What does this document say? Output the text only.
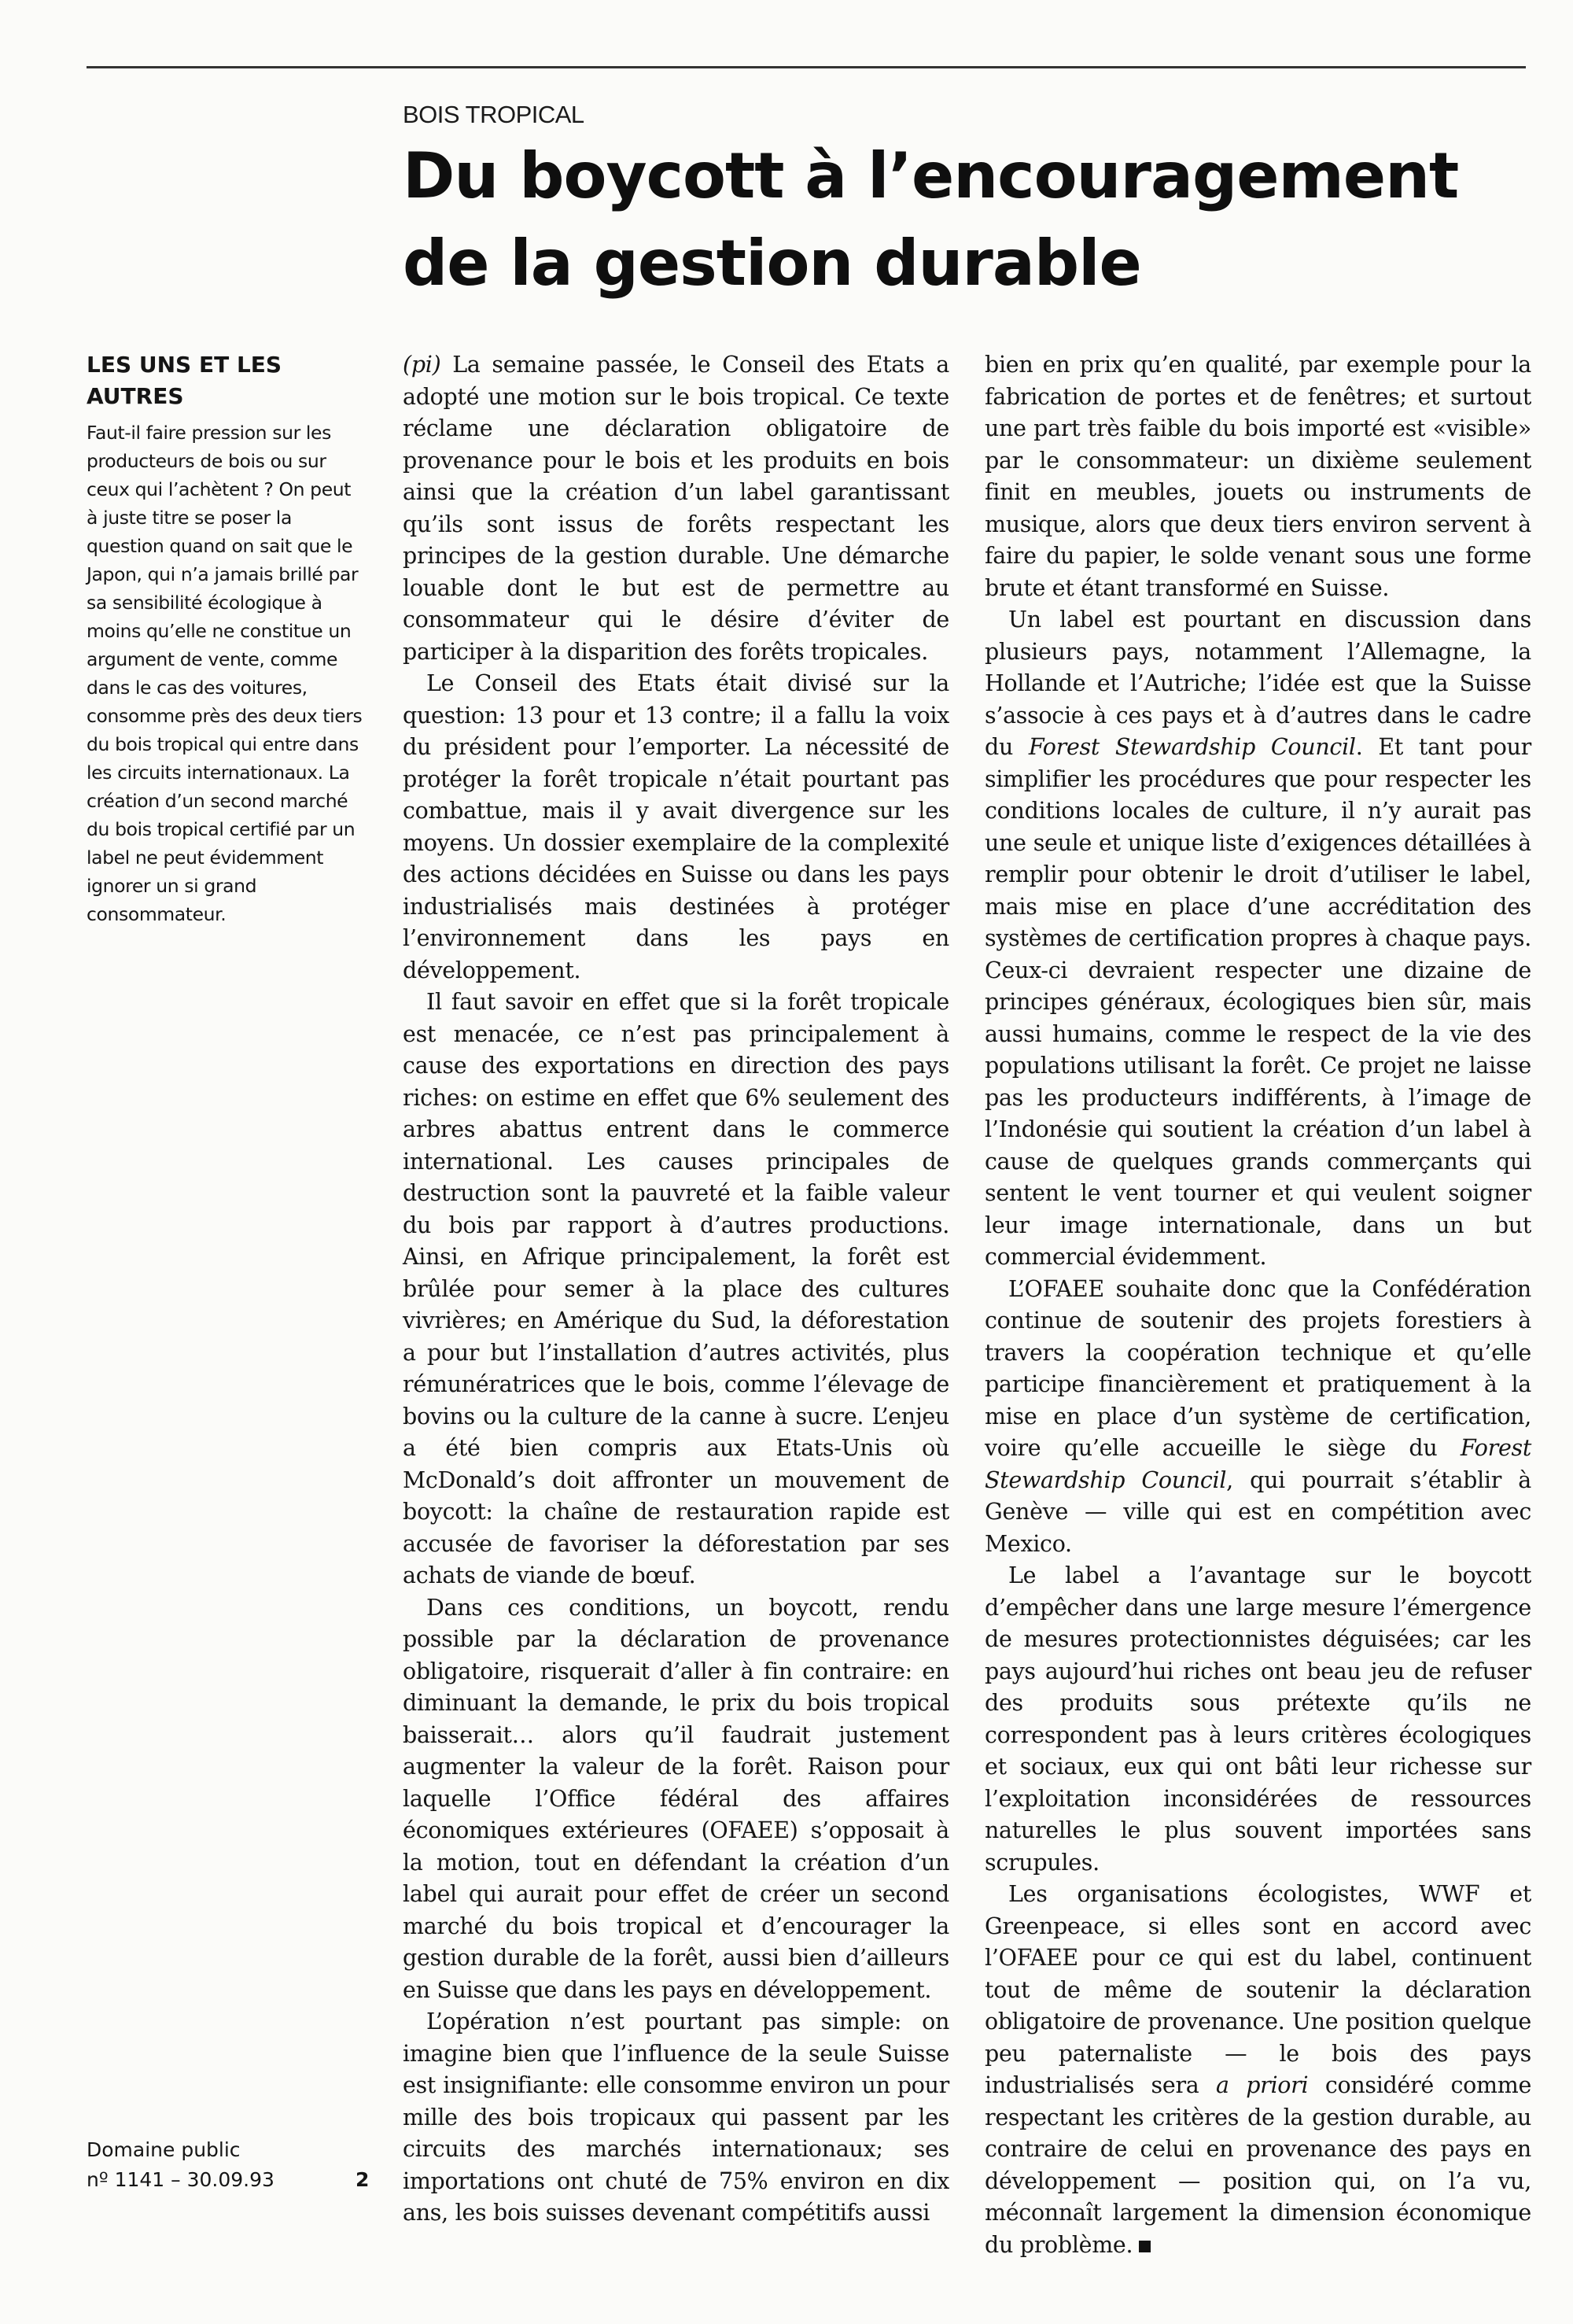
BOIS TROPICAL
Du boycott à l’encouragement
de la gestion durable
LES UNS ET LES AUTRES

Faut-il faire pression sur les producteurs de bois ou sur ceux qui l’achètent ? On peut à juste titre se poser la question quand on sait que le Japon, qui n’a jamais brillé par sa sensibilité écologique à moins qu’elle ne constitue un argument de vente, comme dans le cas des voitures, consomme près des deux tiers du bois tropical qui entre dans les circuits internationaux. La création d’un second marché du bois tropical certifié par un label ne peut évidemment ignorer un si grand consommateur.

Domaine public
nº 1141 – 30.09.93	2

(pi) La semaine passée, le Conseil des Etats a adopté une motion sur le bois tropical. Ce texte réclame une déclaration obligatoire de provenance pour le bois et les produits en bois ainsi que la création d’un label garantissant qu’ils sont issus de forêts respectant les principes de la gestion durable. Une démarche louable dont le but est de permettre au consommateur qui le désire d’éviter de participer à la disparition des forêts tropicales.

Le Conseil des Etats était divisé sur la question: 13 pour et 13 contre; il a fallu la voix du président pour l’emporter. La nécessité de protéger la forêt tropicale n’était pourtant pas combattue, mais il y avait divergence sur les moyens. Un dossier exemplaire de la complexité des actions décidées en Suisse ou dans les pays industrialisés mais destinées à protéger l’environnement dans les pays en développement.

Il faut savoir en effet que si la forêt tropicale est menacée, ce n’est pas principalement à cause des exportations en direction des pays riches: on estime en effet que 6% seulement des arbres abattus entrent dans le commerce international. Les causes principales de destruction sont la pauvreté et la faible valeur du bois par rapport à d’autres productions. Ainsi, en Afrique principalement, la forêt est brûlée pour semer à la place des cultures vivrières; en Amérique du Sud, la déforestation a pour but l’installation d’autres activités, plus rémunératrices que le bois, comme l’élevage de bovins ou la culture de la canne à sucre. L’enjeu a été bien compris aux Etats-Unis où McDonald’s doit affronter un mouvement de boycott: la chaîne de restauration rapide est accusée de favoriser la déforestation par ses achats de viande de bœuf.

Dans ces conditions, un boycott, rendu possible par la déclaration de provenance obligatoire, risquerait d’aller à fin contraire: en diminuant la demande, le prix du bois tropical baisserait… alors qu’il faudrait justement augmenter la valeur de la forêt. Raison pour laquelle l’Office fédéral des affaires économiques extérieures (OFAEE) s’opposait à la motion, tout en défendant la création d’un label qui aurait pour effet de créer un second marché du bois tropical et d’encourager la gestion durable de la forêt, aussi bien d’ailleurs en Suisse que dans les pays en développement.

L’opération n’est pourtant pas simple: on imagine bien que l’influence de la seule Suisse est insignifiante: elle consomme environ un pour mille des bois tropicaux qui passent par les circuits des marchés internationaux; ses importations ont chuté de 75% environ en dix ans, les bois suisses devenant compétitifs aussi

bien en prix qu’en qualité, par exemple pour la fabrication de portes et de fenêtres; et surtout une part très faible du bois importé est «visible» par le consommateur: un dixième seulement finit en meubles, jouets ou instruments de musique, alors que deux tiers environ servent à faire du papier, le solde venant sous une forme brute et étant transformé en Suisse.

Un label est pourtant en discussion dans plusieurs pays, notamment l’Allemagne, la Hollande et l’Autriche; l’idée est que la Suisse s’associe à ces pays et à d’autres dans le cadre du Forest Stewardship Council. Et tant pour simplifier les procédures que pour respecter les conditions locales de culture, il n’y aurait pas une seule et unique liste d’exigences détaillées à remplir pour obtenir le droit d’utiliser le label, mais mise en place d’une accréditation des systèmes de certification propres à chaque pays. Ceux-ci devraient respecter une dizaine de principes généraux, écologiques bien sûr, mais aussi humains, comme le respect de la vie des populations utilisant la forêt. Ce projet ne laisse pas les producteurs indifférents, à l’image de l’Indonésie qui soutient la création d’un label à cause de quelques grands commerçants qui sentent le vent tourner et qui veulent soigner leur image internationale, dans un but commercial évidemment.

L’OFAEE souhaite donc que la Confédération continue de soutenir des projets forestiers à travers la coopération technique et qu’elle participe financièrement et pratiquement à la mise en place d’un système de certification, voire qu’elle accueille le siège du Forest Stewardship Council, qui pourrait s’établir à Genève — ville qui est en compétition avec Mexico.

Le label a l’avantage sur le boycott d’empêcher dans une large mesure l’émergence de mesures protectionnistes déguisées; car les pays aujourd’hui riches ont beau jeu de refuser des produits sous prétexte qu’ils ne correspondent pas à leurs critères écologiques et sociaux, eux qui ont bâti leur richesse sur l’exploitation inconsidérées de ressources naturelles le plus souvent importées sans scrupules.

Les organisations écologistes, WWF et Greenpeace, si elles sont en accord avec l’OFAEE pour ce qui est du label, continuent tout de même de soutenir la déclaration obligatoire de provenance. Une position quelque peu paternaliste — le bois des pays industrialisés sera a priori considéré comme respectant les critères de la gestion durable, au contraire de celui en provenance des pays en développement — position qui, on l’a vu, méconnaît largement la dimension économique du problème.
